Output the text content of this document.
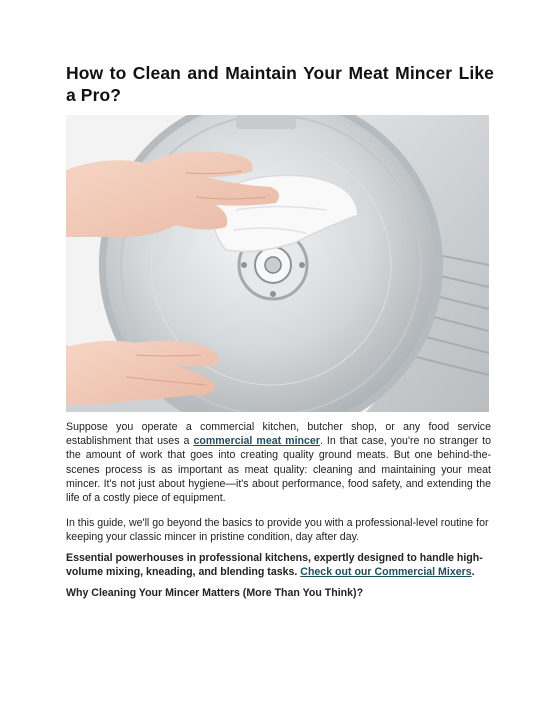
How to Clean and Maintain Your Meat Mincer Like a Pro?

Suppose you operate a commercial kitchen, butcher shop, or any food service establishment that uses a commercial meat mincer. In that case, you're no stranger to the amount of work that goes into creating quality ground meats. But one behind-the-scenes process is as important as meat quality: cleaning and maintaining your meat mincer. It's not just about hygiene—it's about performance, food safety, and extending the life of a costly piece of equipment.

In this guide, we'll go beyond the basics to provide you with a professional-level routine for keeping your classic mincer in pristine condition, day after day.

Essential powerhouses in professional kitchens, expertly designed to handle high-volume mixing, kneading, and blending tasks. Check out our Commercial Mixers.

Why Cleaning Your Mincer Matters (More Than You Think)?
